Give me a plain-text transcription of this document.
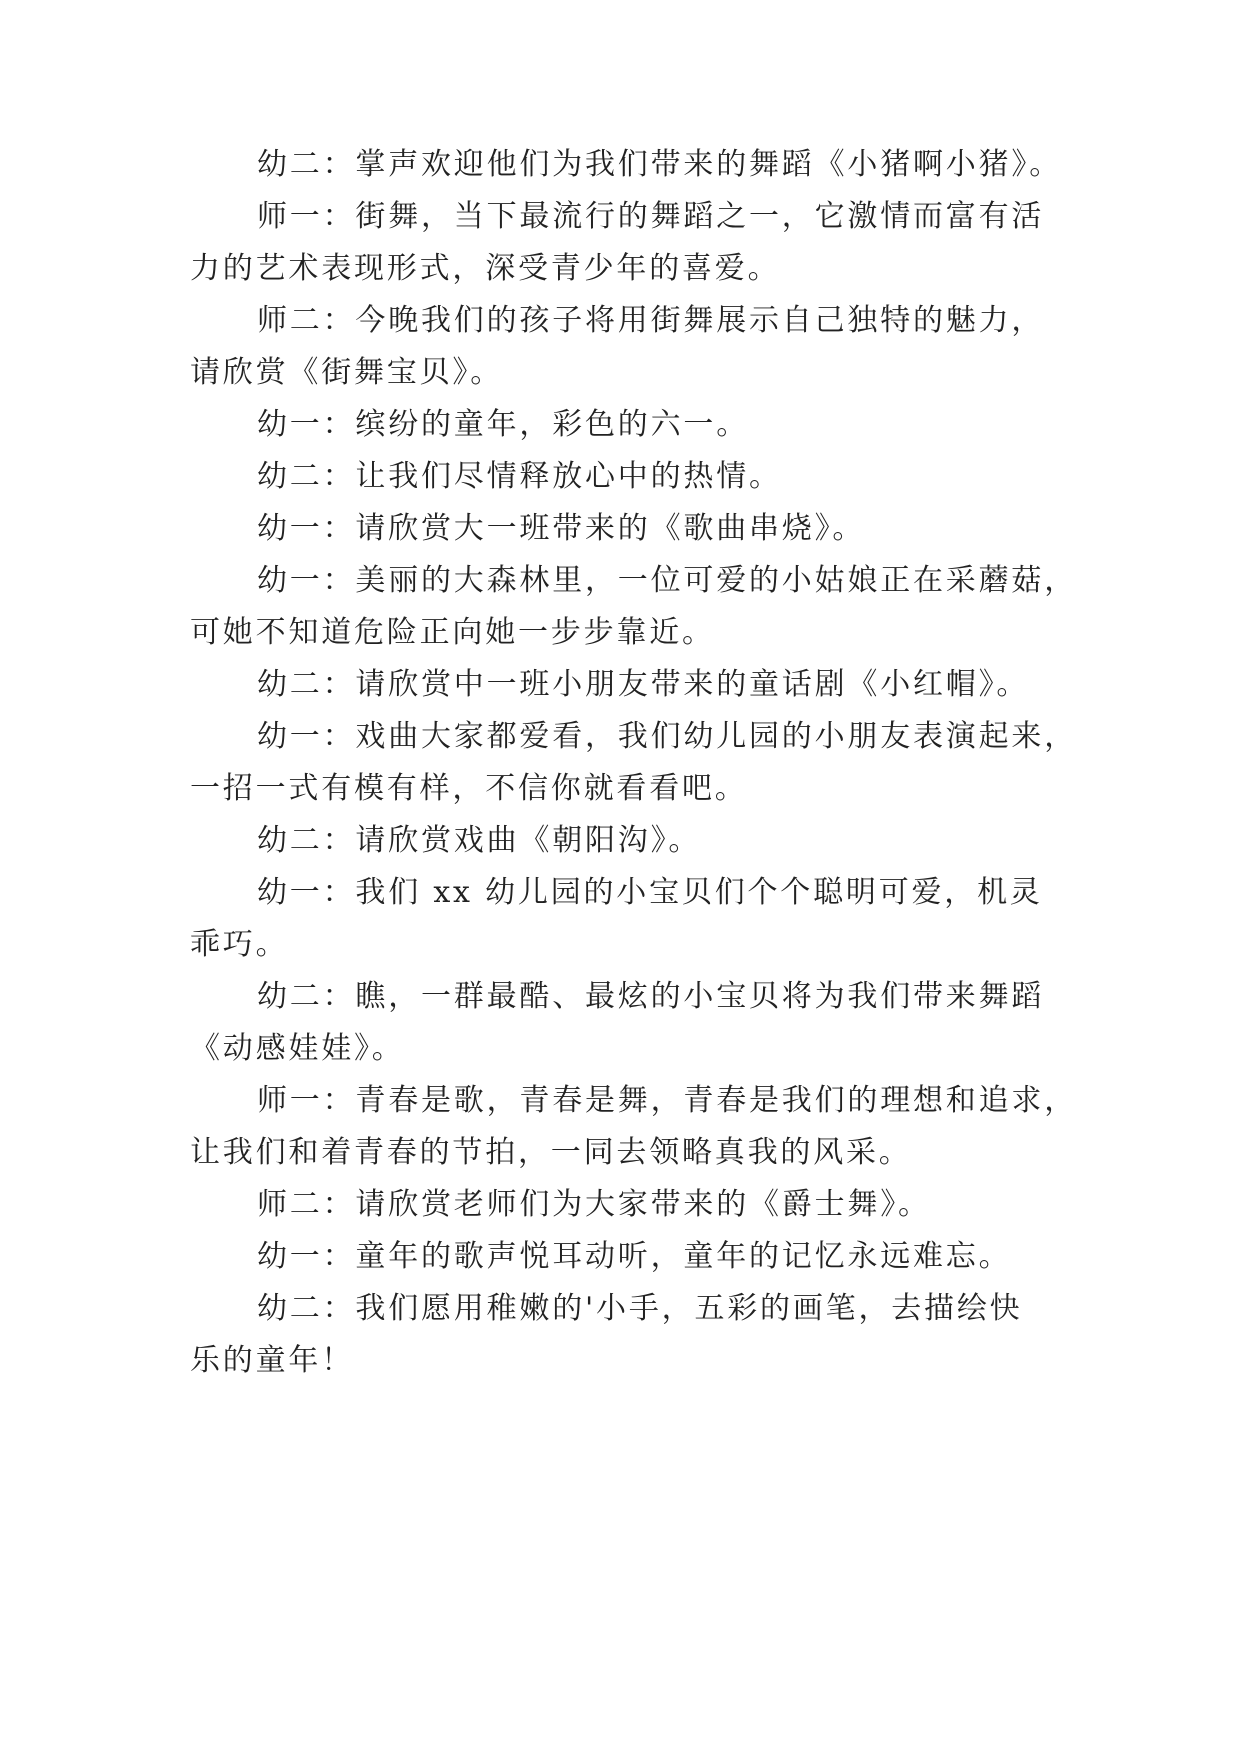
幼二：掌声欢迎他们为我们带来的舞蹈《小猪啊小猪》。
师一：街舞，当下最流行的舞蹈之一，它激情而富有活
力的艺术表现形式，深受青少年的喜爱。
师二：今晚我们的孩子将用街舞展示自己独特的魅力，
请欣赏《街舞宝贝》。
幼一：缤纷的童年，彩色的六一。
幼二：让我们尽情释放心中的热情。
幼一：请欣赏大一班带来的《歌曲串烧》。
幼一：美丽的大森林里，一位可爱的小姑娘正在采蘑菇，
可她不知道危险正向她一步步靠近。
幼二：请欣赏中一班小朋友带来的童话剧《小红帽》。
幼一：戏曲大家都爱看，我们幼儿园的小朋友表演起来，
一招一式有模有样，不信你就看看吧。
幼二：请欣赏戏曲《朝阳沟》。
幼一：我们 xx 幼儿园的小宝贝们个个聪明可爱，机灵
乖巧。
幼二：瞧，一群最酷、最炫的小宝贝将为我们带来舞蹈
《动感娃娃》。
师一：青春是歌，青春是舞，青春是我们的理想和追求，
让我们和着青春的节拍，一同去领略真我的风采。
师二：请欣赏老师们为大家带来的《爵士舞》。
幼一：童年的歌声悦耳动听，童年的记忆永远难忘。
幼二：我们愿用稚嫩的'小手，五彩的画笔，去描绘快
乐的童年！
